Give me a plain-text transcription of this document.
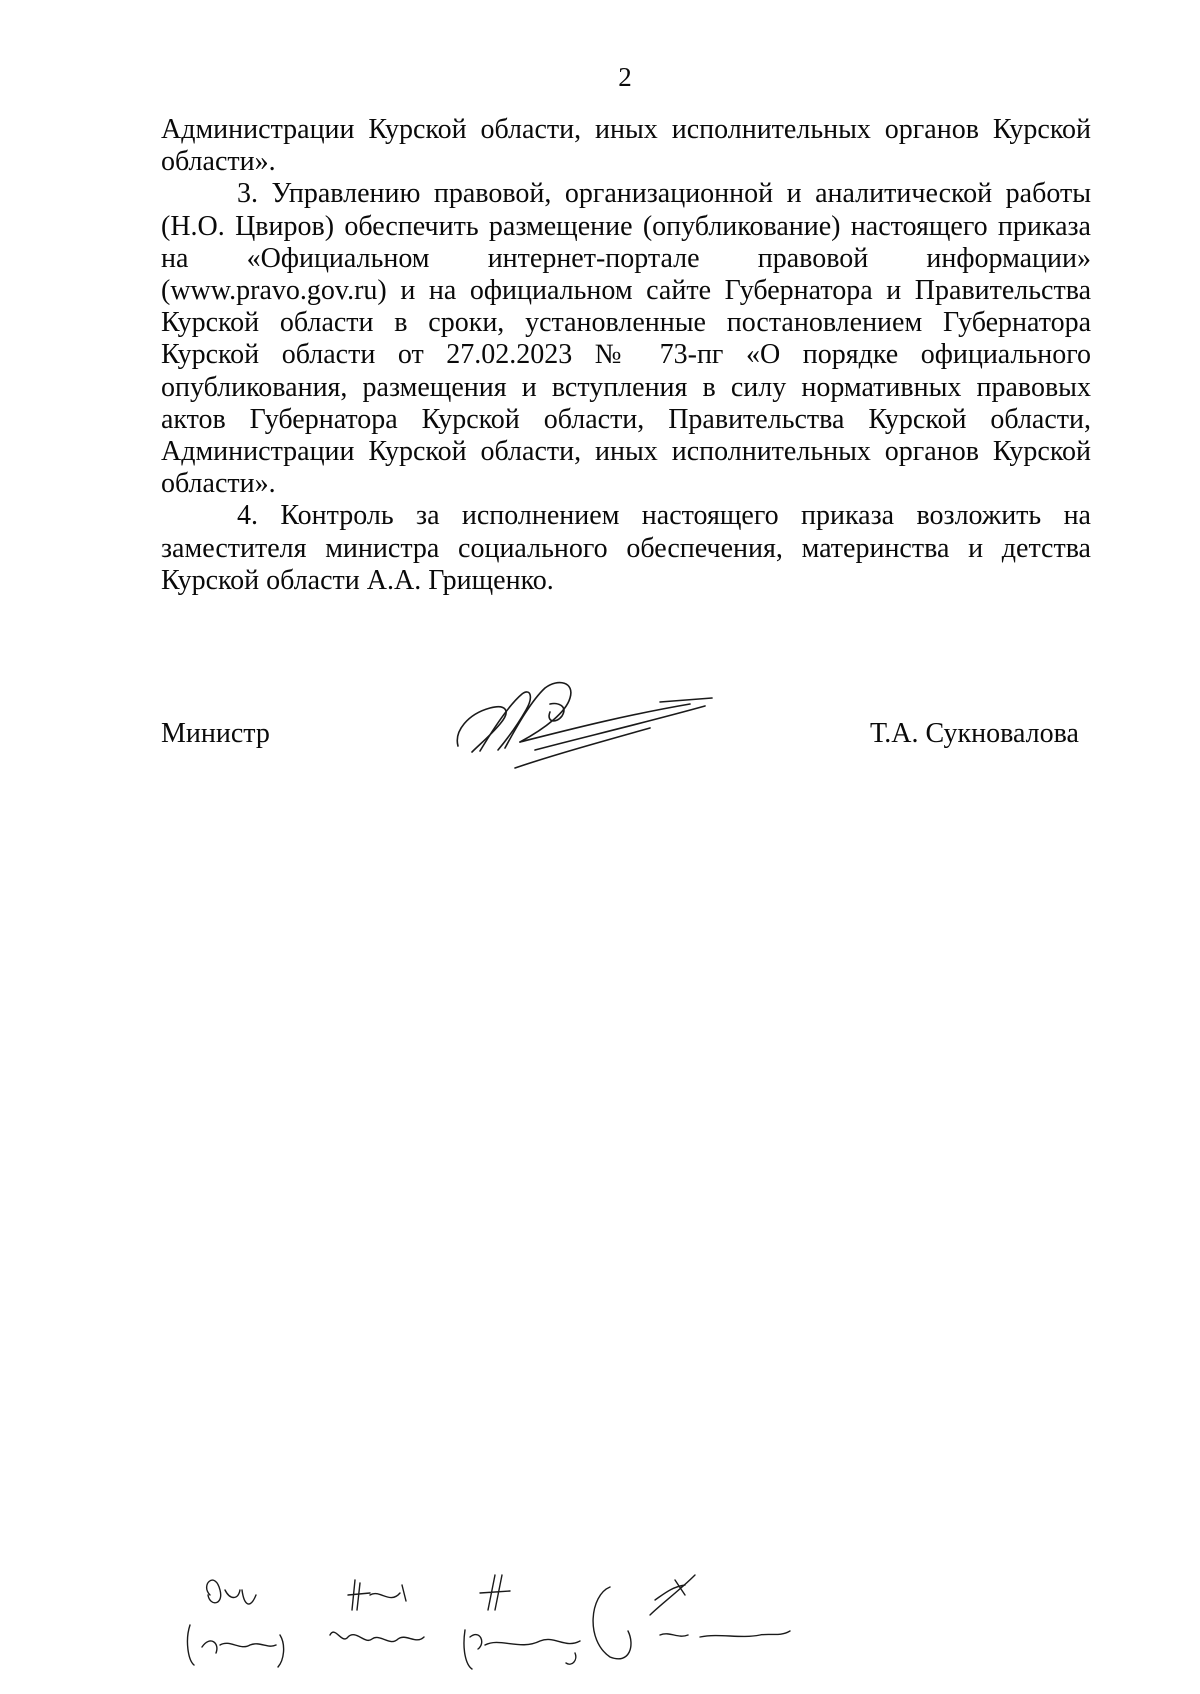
2

Администрации Курской области, иных исполнительных органов Курской области».

3. Управлению правовой, организационной и аналитической работы (Н.О. Цвиров) обеспечить размещение (опубликование) настоящего приказа на «Официальном интернет-портале правовой информации» (www.pravo.gov.ru) и на официальном сайте Губернатора и Правительства Курской области в сроки, установленные постановлением Губернатора Курской области от 27.02.2023 № 73-пг «О порядке официального опубликования, размещения и вступления в силу нормативных правовых актов Губернатора Курской области, Правительства Курской области, Администрации Курской области, иных исполнительных органов Курской области».

4. Контроль за исполнением настоящего приказа возложить на заместителя министра социального обеспечения, материнства и детства Курской области А.А. Грищенко.

Министр	Т.А. Сукновалова
